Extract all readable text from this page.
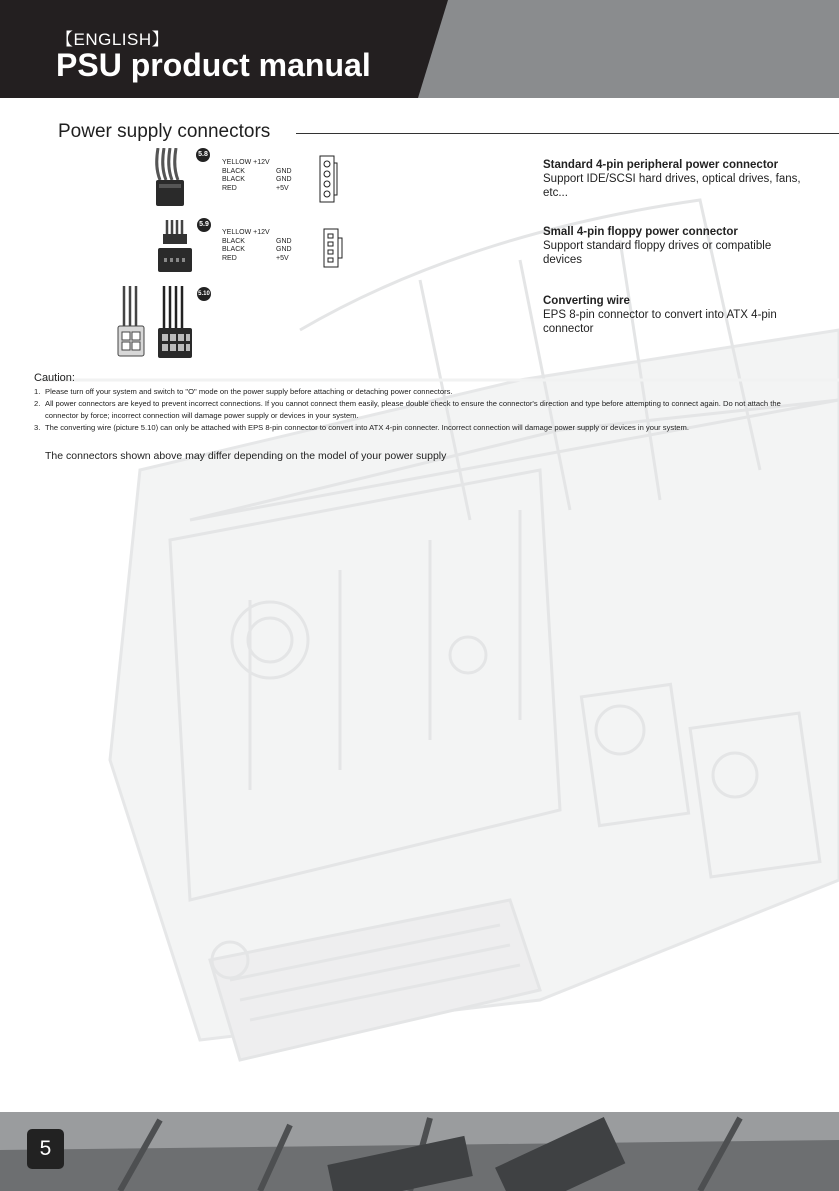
【ENGLISH】
PSU product manual
Power supply connectors
5.8
YELLOW +12V
BLACK	GND
BLACK	GND
RED	+5V
5.9
YELLOW +12V
BLACK	GND
BLACK	GND
RED	+5V
5.10
Standard 4-pin peripheral power connector
Support IDE/SCSI hard drives, optical drives, fans, etc...
Small 4-pin floppy power connector
Support standard floppy drives or compatible devices
Converting wire
EPS 8-pin connector to convert into ATX 4-pin connector
Caution:
1. Please turn off your system and switch to "O" mode on the power supply before attaching or detaching power connectors.
2. All power connectors are keyed to prevent incorrect connections. If you cannot connect them easily, please double check to ensure the connector's direction and type before attempting to connect again. Do not attach the connector by force; incorrect connection will damage power supply or devices in your system.
3. The converting wire (picture 5.10) can only be attached with EPS 8-pin connector to convert into ATX 4-pin connecter. Incorrect connection will damage power supply or devices in your system.
The connectors shown above may differ depending on the model of your power supply
5
